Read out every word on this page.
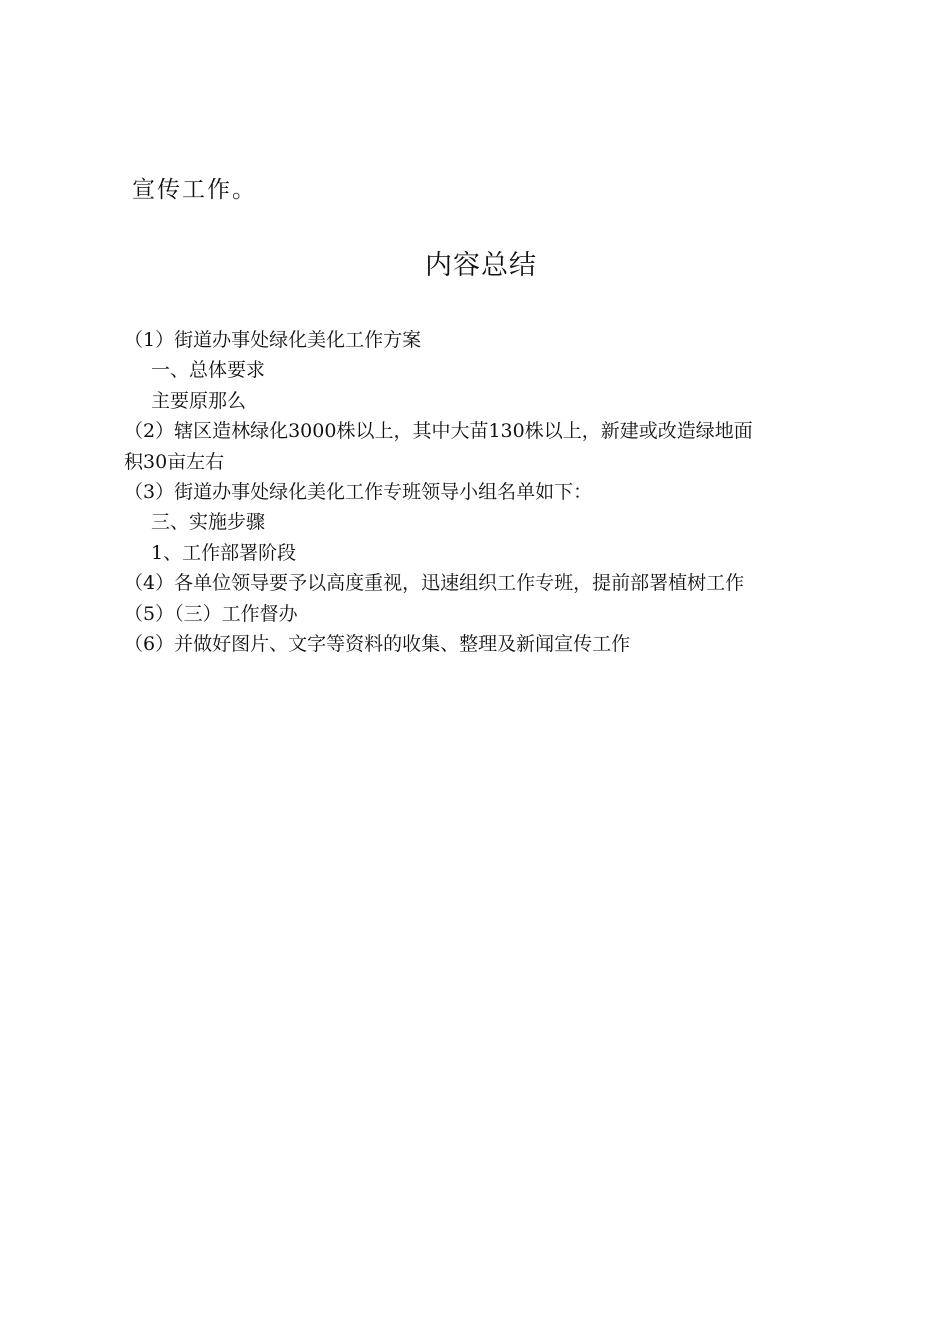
宣传工作。
内容总结
（1）街道办事处绿化美化工作方案
一、总体要求
主要原那么
（2）辖区造林绿化3000株以上，其中大苗130株以上，新建或改造绿地面
积30亩左右
（3）街道办事处绿化美化工作专班领导小组名单如下：
三、实施步骤
1、工作部署阶段
（4）各单位领导要予以高度重视，迅速组织工作专班，提前部署植树工作
（5）（三）工作督办
（6）并做好图片、文字等资料的收集、整理及新闻宣传工作
